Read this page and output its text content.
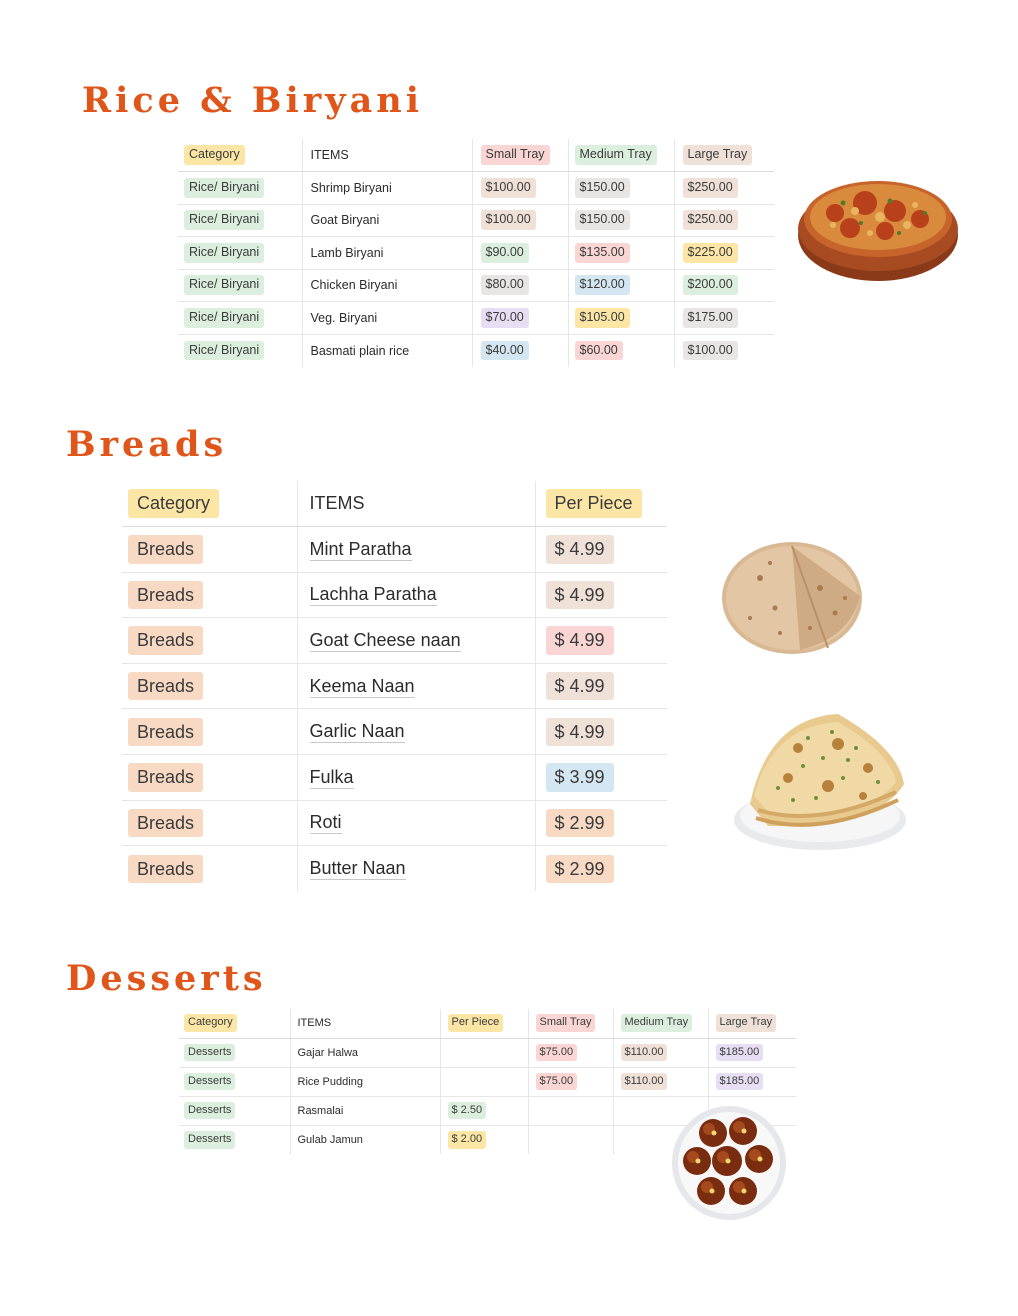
Rice & Biryani
Category	ITEMS	Small Tray	Medium Tray	Large Tray
Rice/ Biryani	Shrimp Biryani	$100.00	$150.00	$250.00
Rice/ Biryani	Goat Biryani	$100.00	$150.00	$250.00
Rice/ Biryani	Lamb Biryani	$90.00	$135.00	$225.00
Rice/ Biryani	Chicken Biryani	$80.00	$120.00	$200.00
Rice/ Biryani	Veg. Biryani	$70.00	$105.00	$175.00
Rice/ Biryani	Basmati plain rice	$40.00	$60.00	$100.00
Breads
Category	ITEMS	Per Piece
Breads	Mint Paratha	$ 4.99
Breads	Lachha Paratha	$ 4.99
Breads	Goat Cheese naan	$ 4.99
Breads	Keema Naan	$ 4.99
Breads	Garlic Naan	$ 4.99
Breads	Fulka	$ 3.99
Breads	Roti	$ 2.99
Breads	Butter Naan	$ 2.99
Desserts
Category	ITEMS	Per Piece	Small Tray	Medium Tray	Large Tray
Desserts	Gajar Halwa		$75.00	$110.00	$185.00
Desserts	Rice Pudding		$75.00	$110.00	$185.00
Desserts	Rasmalai	$ 2.50			
Desserts	Gulab Jamun	$ 2.00			
